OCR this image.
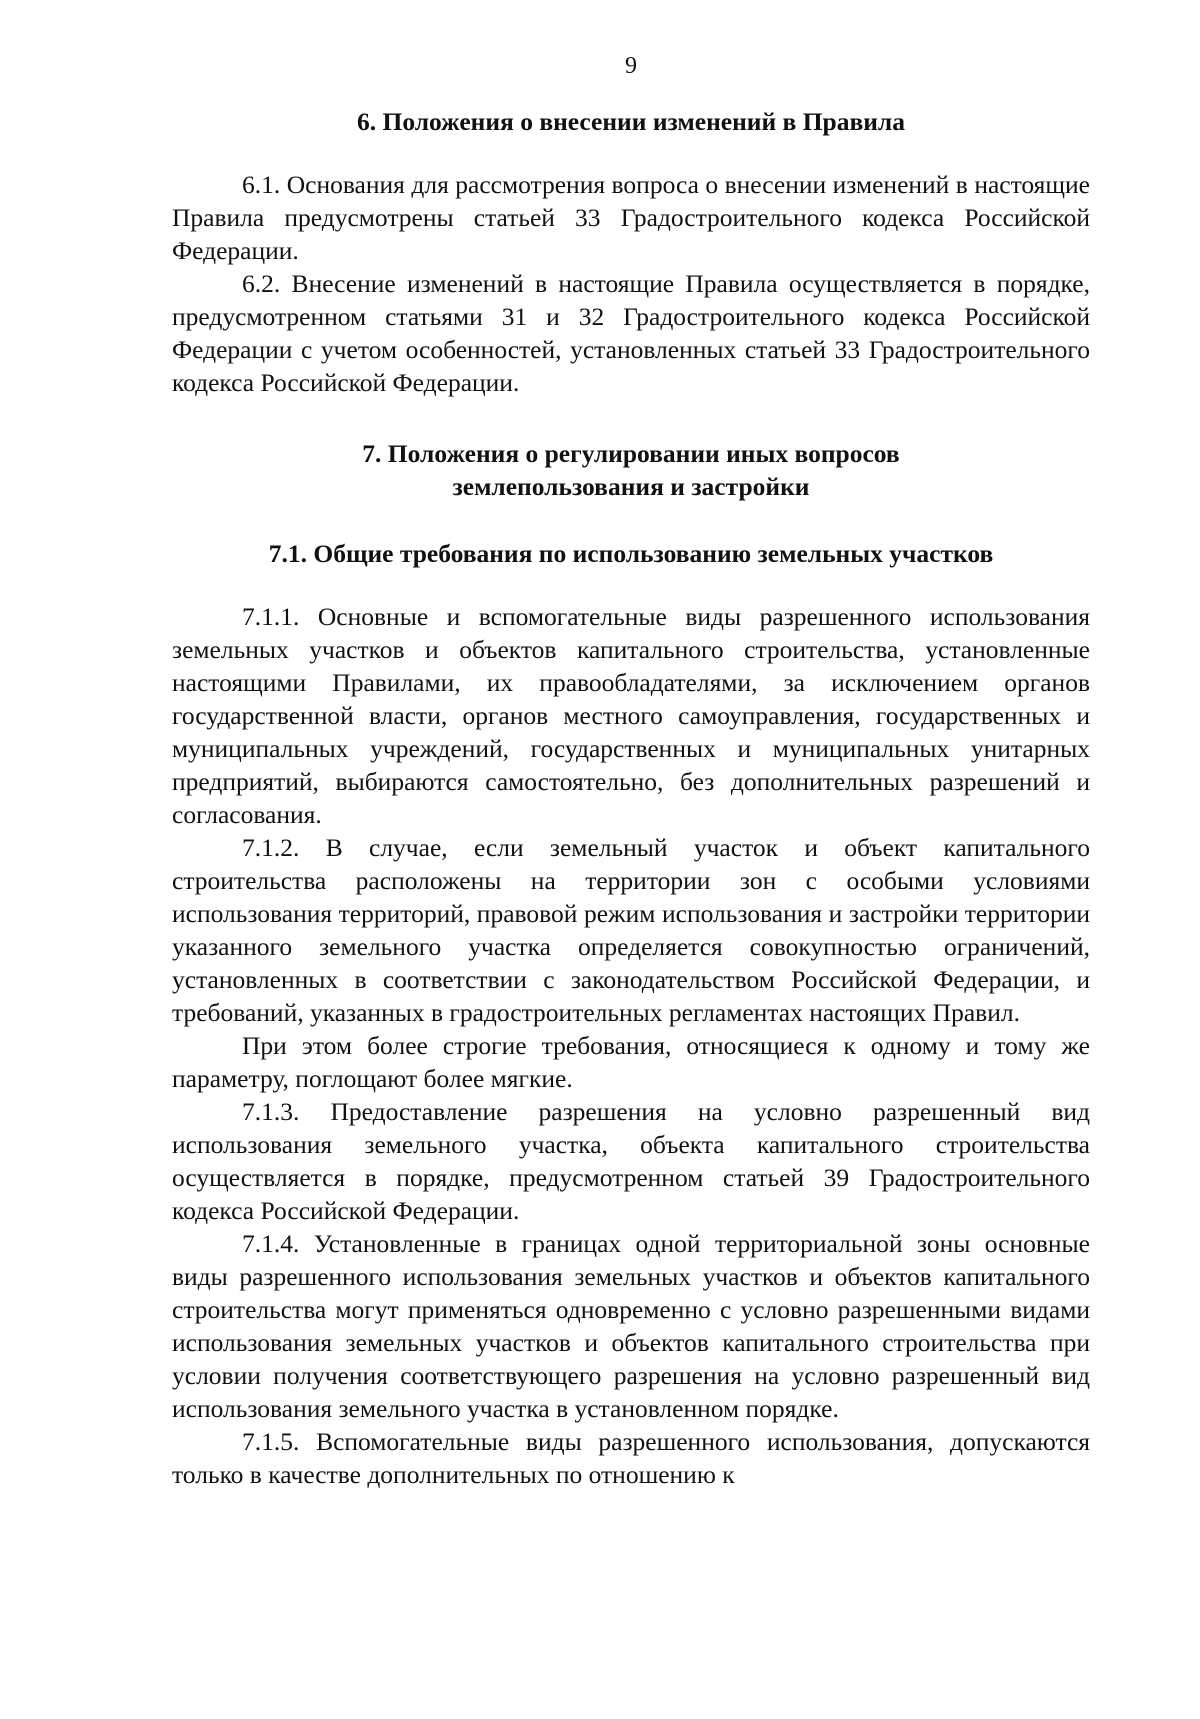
9
6. Положения о внесении изменений в Правила

6.1. Основания для рассмотрения вопроса о внесении изменений в настоящие Правила предусмотрены статьей 33 Градостроительного кодекса Российской Федерации.

6.2. Внесение изменений в настоящие Правила осуществляется в порядке, предусмотренном статьями 31 и 32 Градостроительного кодекса Российской Федерации с учетом особенностей, установленных статьей 33 Градостроительного кодекса Российской Федерации.

7. Положения о регулировании иных вопросов
землепользования и застройки
7.1. Общие требования по использованию земельных участков

7.1.1. Основные и вспомогательные виды разрешенного использования земельных участков и объектов капитального строительства, установленные настоящими Правилами, их правообладателями, за исключением органов государственной власти, органов местного самоуправления, государственных и муниципальных учреждений, государственных и муниципальных унитарных предприятий, выбираются самостоятельно, без дополнительных разрешений и согласования.

7.1.2. В случае, если земельный участок и объект капитального строительства расположены на территории зон с особыми условиями использования территорий, правовой режим использования и застройки территории указанного земельного участка определяется совокупностью ограничений, установленных в соответствии с законодательством Российской Федерации, и требований, указанных в градостроительных регламентах настоящих Правил.

При этом более строгие требования, относящиеся к одному и тому же параметру, поглощают более мягкие.

7.1.3. Предоставление разрешения на условно разрешенный вид использования земельного участка, объекта капитального строительства осуществляется в порядке, предусмотренном статьей 39 Градостроительного кодекса Российской Федерации.

7.1.4. Установленные в границах одной территориальной зоны основные виды разрешенного использования земельных участков и объектов капитального строительства могут применяться одновременно с условно разрешенными видами использования земельных участков и объектов капитального строительства при условии получения соответствующего разрешения на условно разрешенный вид использования земельного участка в установленном порядке.

7.1.5. Вспомогательные виды разрешенного использования, допускаются только в качестве дополнительных по отношению к
